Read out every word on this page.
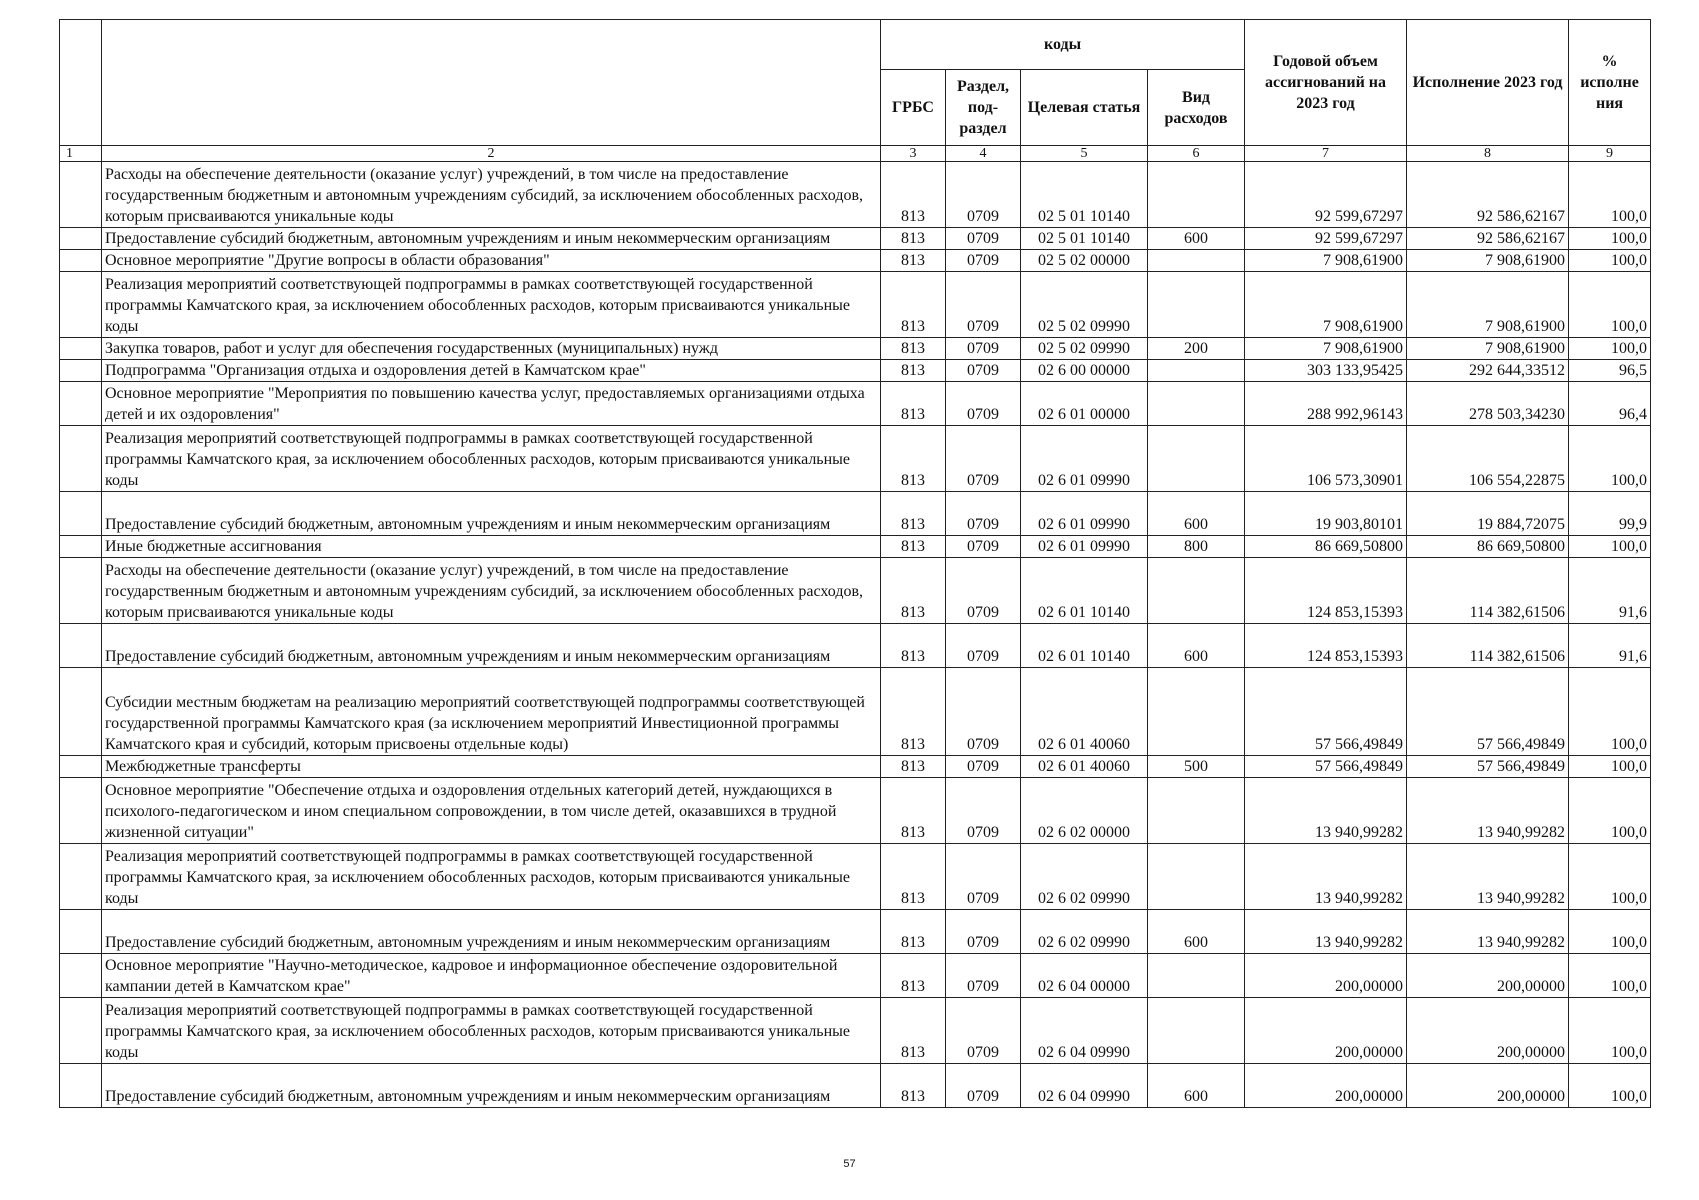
		коды				Годовой объем ассигнований на 2023 год	Исполнение 2023 год	% исполне ния
		ГРБС	Раздел, под-раздел	Целевая статья	Вид расходов			
1	2	3	4	5	6	7	8	9
	Расходы на обеспечение деятельности (оказание услуг) учреждений, в том числе на предоставление государственным бюджетным и автономным учреждениям субсидий, за исключением обособленных расходов, которым присваиваются уникальные коды	813	0709	02 5 01 10140		92 599,67297	92 586,62167	100,0
	Предоставление субсидий бюджетным, автономным учреждениям и иным некоммерческим организациям	813	0709	02 5 01 10140	600	92 599,67297	92 586,62167	100,0
	Основное мероприятие "Другие вопросы в области образования"	813	0709	02 5 02 00000		7 908,61900	7 908,61900	100,0
	Реализация мероприятий соответствующей подпрограммы в рамках соответствующей государственной программы Камчатского края, за исключением обособленных расходов, которым присваиваются уникальные коды	813	0709	02 5 02 09990		7 908,61900	7 908,61900	100,0
	Закупка товаров, работ и услуг для обеспечения государственных (муниципальных) нужд	813	0709	02 5 02 09990	200	7 908,61900	7 908,61900	100,0
	Подпрограмма "Организация отдыха и оздоровления детей в Камчатском крае"	813	0709	02 6 00 00000		303 133,95425	292 644,33512	96,5
	Основное мероприятие "Мероприятия по повышению качества услуг, предоставляемых организациями отдыха детей и их оздоровления"	813	0709	02 6 01 00000		288 992,96143	278 503,34230	96,4
	Реализация мероприятий соответствующей подпрограммы в рамках соответствующей государственной программы Камчатского края, за исключением обособленных расходов, которым присваиваются уникальные коды	813	0709	02 6 01 09990		106 573,30901	106 554,22875	100,0
	Предоставление субсидий бюджетным, автономным учреждениям и иным некоммерческим организациям	813	0709	02 6 01 09990	600	19 903,80101	19 884,72075	99,9
	Иные бюджетные ассигнования	813	0709	02 6 01 09990	800	86 669,50800	86 669,50800	100,0
	Расходы на обеспечение деятельности (оказание услуг) учреждений, в том числе на предоставление государственным бюджетным и автономным учреждениям субсидий, за исключением обособленных расходов, которым присваиваются уникальные коды	813	0709	02 6 01 10140		124 853,15393	114 382,61506	91,6
	Предоставление субсидий бюджетным, автономным учреждениям и иным некоммерческим организациям	813	0709	02 6 01 10140	600	124 853,15393	114 382,61506	91,6
	Субсидии местным бюджетам на реализацию мероприятий соответствующей подпрограммы соответствующей государственной программы Камчатского края (за исключением мероприятий Инвестиционной программы Камчатского края и субсидий, которым присвоены отдельные коды)	813	0709	02 6 01 40060		57 566,49849	57 566,49849	100,0
	Межбюджетные трансферты	813	0709	02 6 01 40060	500	57 566,49849	57 566,49849	100,0
	Основное мероприятие "Обеспечение отдыха и оздоровления отдельных категорий детей, нуждающихся в психолого-педагогическом и ином специальном сопровождении, в том числе детей, оказавшихся в трудной жизненной ситуации"	813	0709	02 6 02 00000		13 940,99282	13 940,99282	100,0
	Реализация мероприятий соответствующей подпрограммы в рамках соответствующей государственной программы Камчатского края, за исключением обособленных расходов, которым присваиваются уникальные коды	813	0709	02 6 02 09990		13 940,99282	13 940,99282	100,0
	Предоставление субсидий бюджетным, автономным учреждениям и иным некоммерческим организациям	813	0709	02 6 02 09990	600	13 940,99282	13 940,99282	100,0
	Основное мероприятие "Научно-методическое, кадровое и информационное обеспечение оздоровительной кампании детей в Камчатском крае"	813	0709	02 6 04 00000		200,00000	200,00000	100,0
	Реализация мероприятий соответствующей подпрограммы в рамках соответствующей государственной программы Камчатского края, за исключением обособленных расходов, которым присваиваются уникальные коды	813	0709	02 6 04 09990		200,00000	200,00000	100,0
	Предоставление субсидий бюджетным, автономным учреждениям и иным некоммерческим организациям	813	0709	02 6 04 09990	600	200,00000	200,00000	100,0
57
